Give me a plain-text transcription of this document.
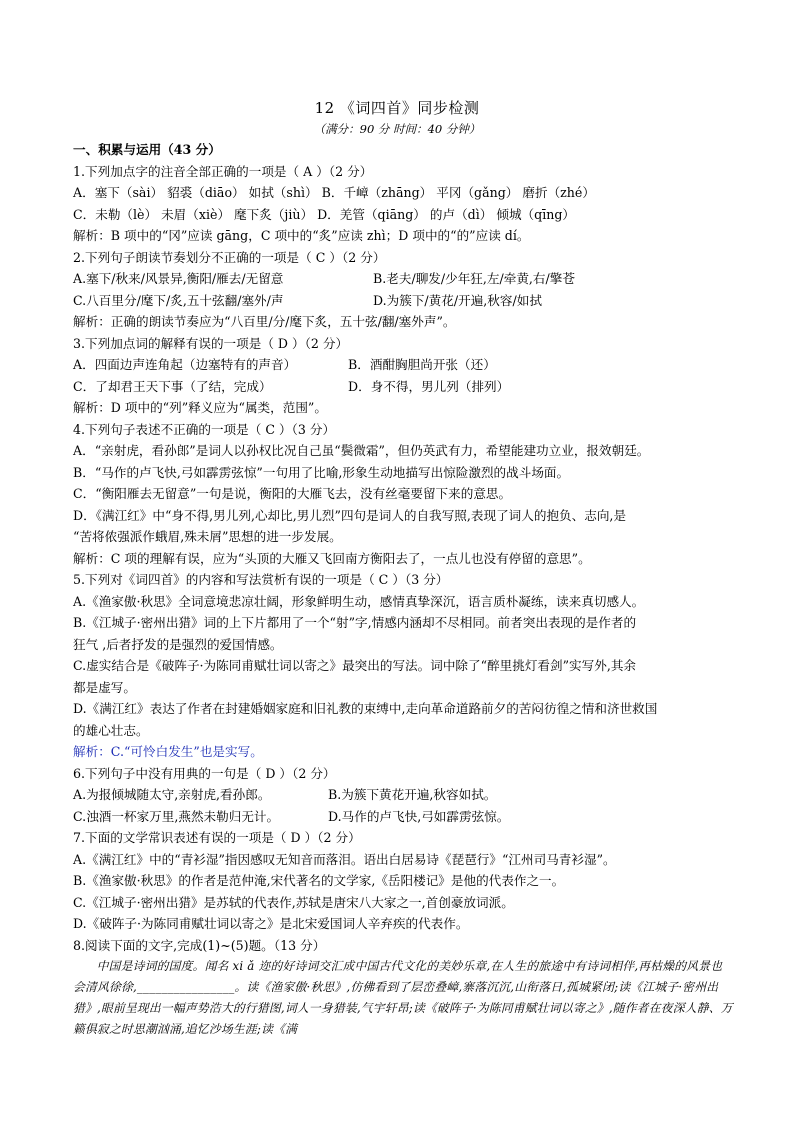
12 《词四首》同步检测
（满分：90 分 时间：40 分钟）
一、积累与运用（43 分）
1.下列加点字的注音全部正确的一项是（ A ）（2 分）
A．塞下（sài） 貂裘（diāo） 如拭（shì） B．千嶂（zhāng） 平冈（gǎng） 磨折（zhé）
C．未勒（lè） 未眉（xiè） 麾下炙（jiù） D．羌管（qiāng） 的卢（dì） 倾城（qīng）
解析：B 项中的“冈”应读 gāng，C 项中的“炙”应读 zhì；D 项中的“的”应读 dí。
2.下列句子朗读节奏划分不正确的一项是（ C ）（2 分）
A.塞下/秋来/风景异,衡阳/雁去/无留意	B.老夫/聊发/少年狂,左/牵黄,右/擎苍
C.八百里分/麾下/炙,五十弦翻/塞外/声	D.为簇下/黄花/开遍,秋容/如拭
解析：正确的朗读节奏应为“八百里/分/麾下炙，五十弦/翻/塞外声”。
3.下列加点词的解释有误的一项是（ D ）（2 分）
A．四面边声连角起（边塞特有的声音）	B．酒酣胸胆尚开张（还）
C．了却君王天下事（了结，完成）	D．身不得，男儿列（排列）
解析：D 项中的“列”释义应为“属类，范围”。
4.下列句子表述不正确的一项是（ C ）（3 分）
A．“亲射虎，看孙郎”是词人以孙权比况自己虽“鬓微霜”，但仍英武有力，希望能建功立业，报效朝廷。
B．“马作的卢飞快,弓如霹雳弦惊”一句用了比喻,形象生动地描写出惊险激烈的战斗场面。
C．“衡阳雁去无留意”一句是说，衡阳的大雁飞去，没有丝毫要留下来的意思。
D．《满江红》中“身不得,男儿列,心却比,男儿烈”四句是词人的自我写照,表现了词人的抱负、志向,是
“苦将侬强派作蛾眉,殊未屑”思想的进一步发展。
解析：C 项的理解有误，应为“头顶的大雁又飞回南方衡阳去了，一点儿也没有停留的意思”。
5.下列对《词四首》的内容和写法赏析有误的一项是（ C ）（3 分）
A.《渔家傲·秋思》全词意境悲凉壮阔，形象鲜明生动，感情真挚深沉，语言质朴凝练，读来真切感人。
B.《江城子·密州出猎》词的上下片都用了一个“射”字,情感内涵却不尽相同。前者突出表现的是作者的
狂气 ,后者抒发的是强烈的爱国情感。
C.虚实结合是《破阵子·为陈同甫赋壮词以寄之》最突出的写法。词中除了“醉里挑灯看剑”实写外,其余
都是虚写。
D.《满江红》表达了作者在封建婚姻家庭和旧礼教的束缚中,走向革命道路前夕的苦闷彷徨之情和济世救国
的雄心壮志。
解析：C.“可怜白发生”也是实写。
6.下列句子中没有用典的一句是（ D ）（2 分）
A.为报倾城随太守,亲射虎,看孙郎。	B.为簇下黄花开遍,秋容如拭。
C.浊酒一杯家万里,燕然未勒归无计。	D.马作的卢飞快,弓如霹雳弦惊。
7.下面的文学常识表述有误的一项是（ D ）（2 分）
A.《满江红》中的“青衫湿”指因感叹无知音而落泪。语出白居易诗《琵琶行》“江州司马青衫湿”。
B.《渔家傲·秋思》的作者是范仲淹,宋代著名的文学家,《岳阳楼记》是他的代表作之一。
C.《江城子·密州出猎》是苏轼的代表作,苏轼是唐宋八大家之一,首创豪放词派。
D.《破阵子·为陈同甫赋壮词以寄之》是北宋爱国词人辛弃疾的代表作。
8.阅读下面的文字,完成(1)~(5)题。（13 分）
中国是诗词的国度。闻名 xi ǎ 迩的好诗词交汇成中国古代文化的美妙乐章,在人生的旅途中有诗词相伴,再枯燥的风景也会清风徐徐,________________。读《渔家傲·秋思》,仿佛看到了层峦叠嶂,寨落沉沉,山衔落日,孤城紧闭;读《江城子·密州出猎》,眼前呈现出一幅声势浩大的行猎图,词人一身猎装,气宇轩昂;读《破阵子·为陈同甫赋壮词以寄之》,随作者在夜深人静、万籁俱寂之时思潮汹涌,追忆沙场生涯;读《满
